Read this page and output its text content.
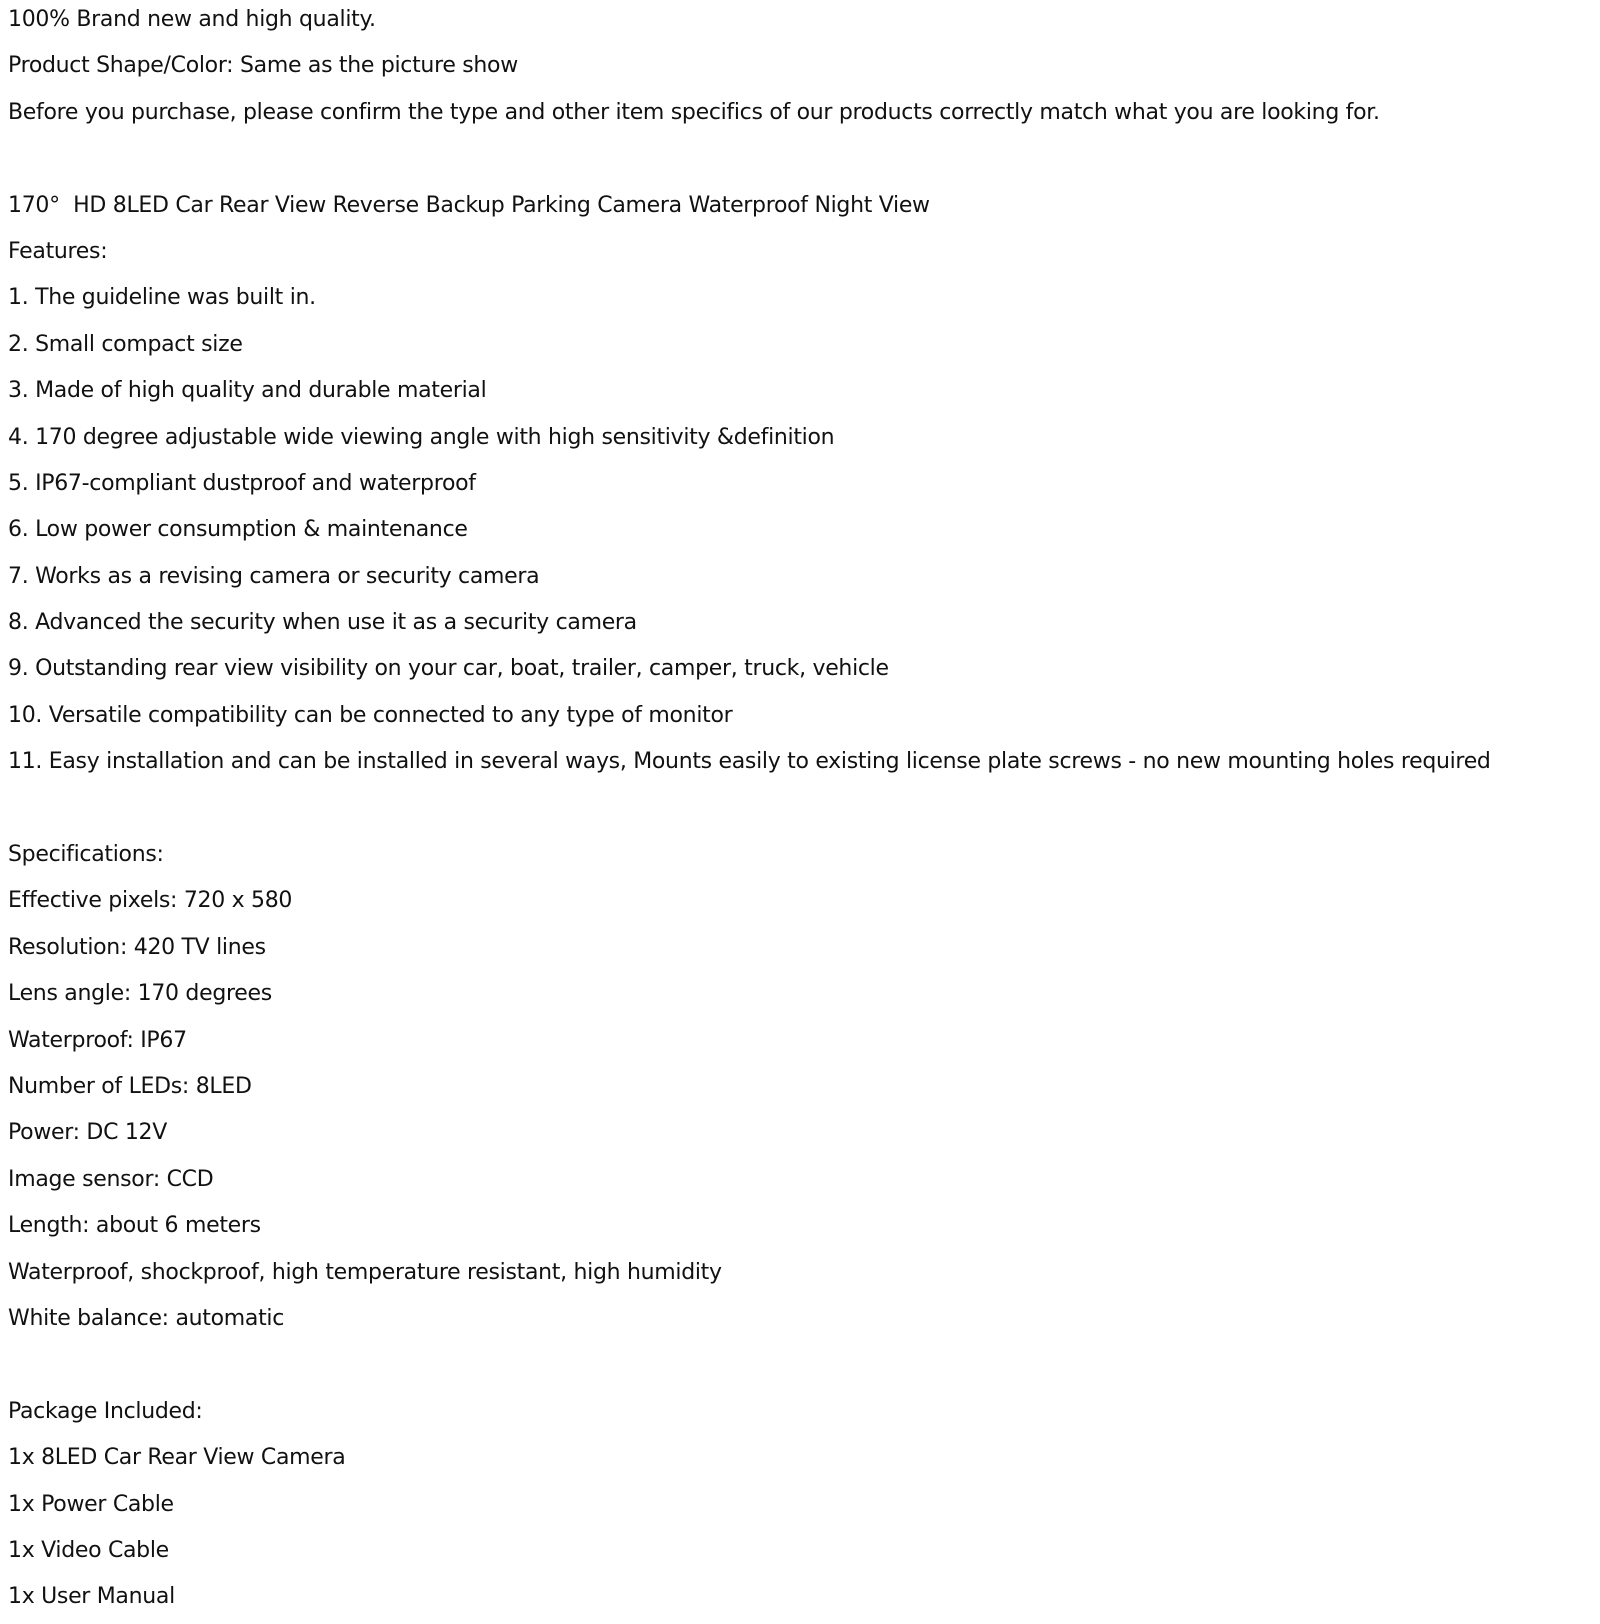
100% Brand new and high quality.
Product Shape/Color: Same as the picture show
Before you purchase, please confirm the type and other item specifics of our products correctly match what you are looking for.
170°  HD 8LED Car Rear View Reverse Backup Parking Camera Waterproof Night View
Features:
1. The guideline was built in.
2. Small compact size
3. Made of high quality and durable material
4. 170 degree adjustable wide viewing angle with high sensitivity &definition
5. IP67-compliant dustproof and waterproof
6. Low power consumption & maintenance
7. Works as a revising camera or security camera
8. Advanced the security when use it as a security camera
9. Outstanding rear view visibility on your car, boat, trailer, camper, truck, vehicle
10. Versatile compatibility can be connected to any type of monitor
11. Easy installation and can be installed in several ways, Mounts easily to existing license plate screws - no new mounting holes required
Specifications:
Effective pixels: 720 x 580
Resolution: 420 TV lines
Lens angle: 170 degrees
Waterproof: IP67
Number of LEDs: 8LED
Power: DC 12V
Image sensor: CCD
Length: about 6 meters
Waterproof, shockproof, high temperature resistant, high humidity
White balance: automatic
Package Included:
1x 8LED Car Rear View Camera
1x Power Cable
1x Video Cable
1x User Manual
